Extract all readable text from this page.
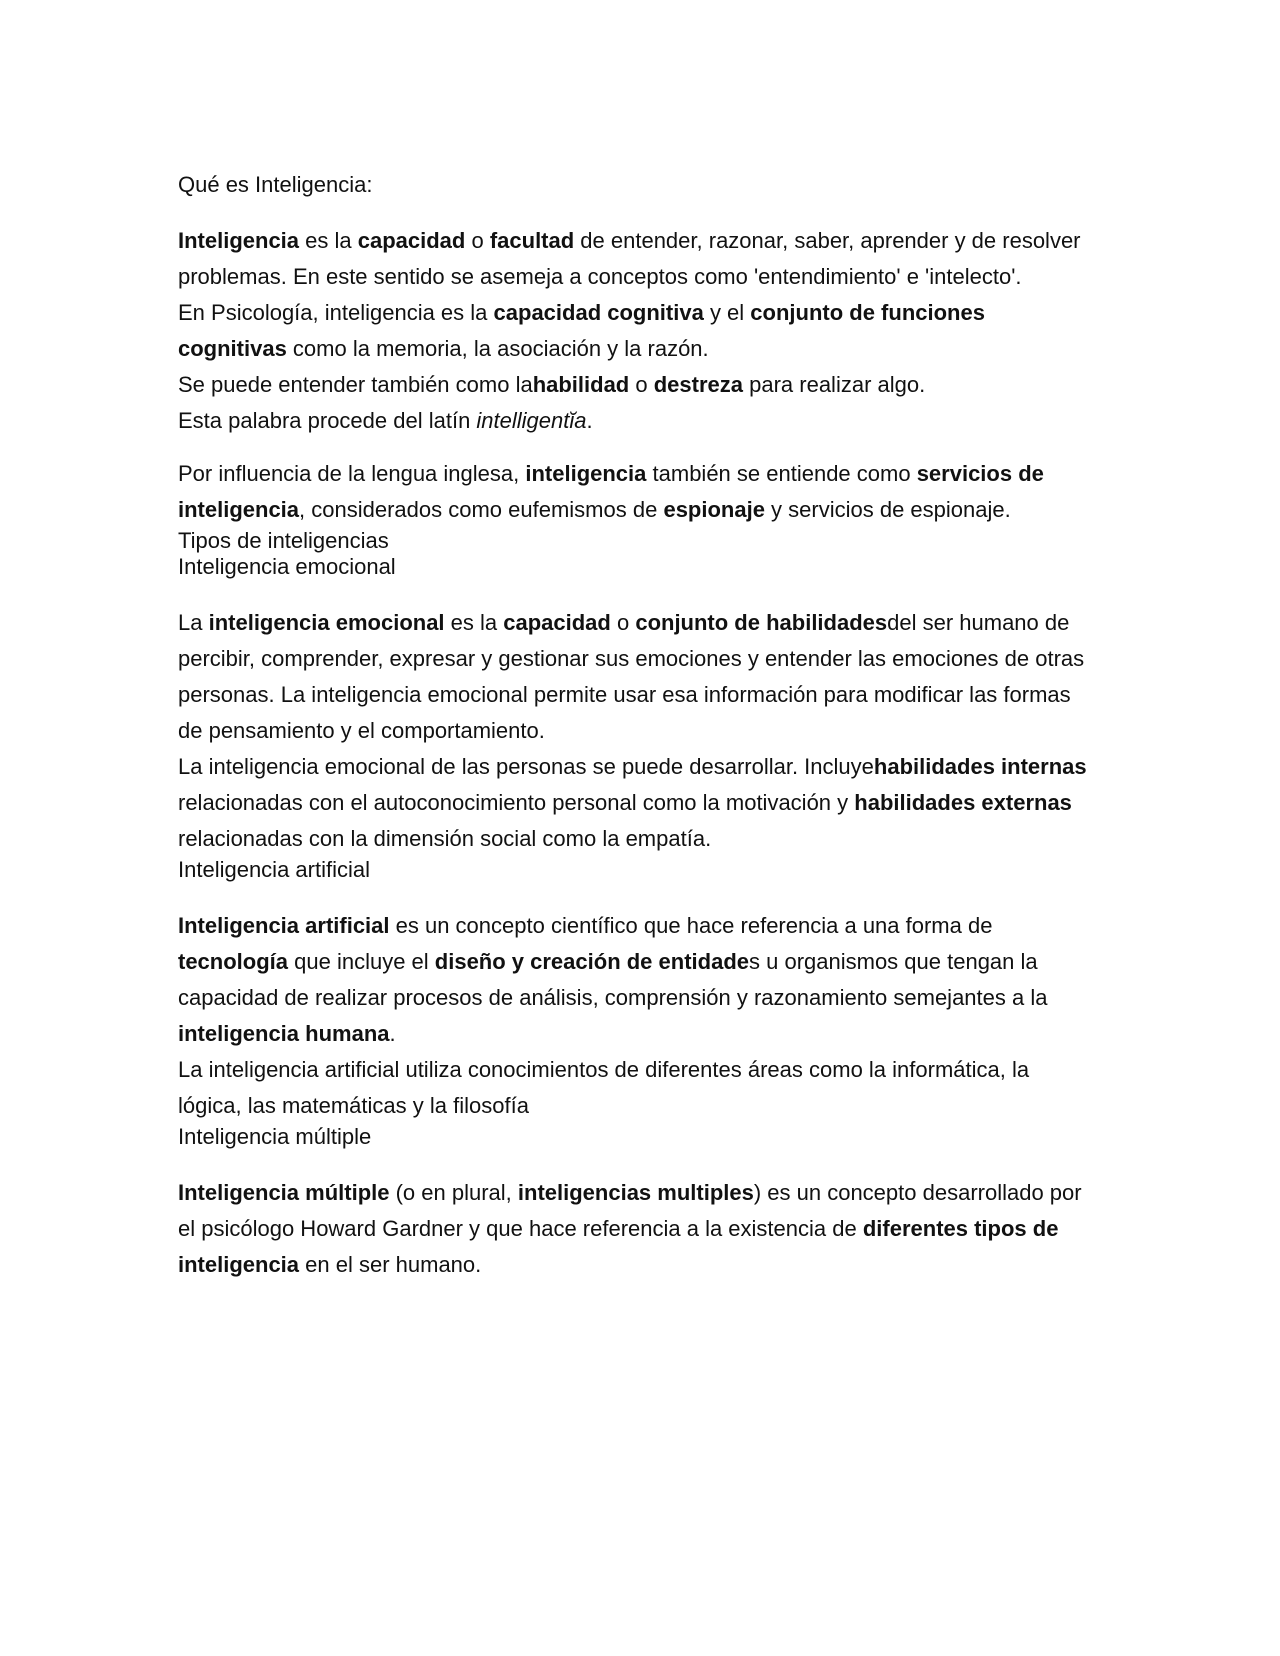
Qué es Inteligencia:

Inteligencia es la capacidad o facultad de entender, razonar, saber, aprender y de resolver problemas. En este sentido se asemeja a conceptos como 'entendimiento' e 'intelecto'.

En Psicología, inteligencia es la capacidad cognitiva y el conjunto de funciones cognitivas como la memoria, la asociación y la razón.

Se puede entender también como lahabilidad o destreza para realizar algo.

Esta palabra procede del latín intelligentĭa.

Por influencia de la lengua inglesa, inteligencia también se entiende como servicios de inteligencia, considerados como eufemismos de espionaje y servicios de espionaje.

Tipos de inteligencias

Inteligencia emocional

La inteligencia emocional es la capacidad o conjunto de habilidadesdel ser humano de percibir, comprender, expresar y gestionar sus emociones y entender las emociones de otras personas. La inteligencia emocional permite usar esa información para modificar las formas de pensamiento y el comportamiento.

La inteligencia emocional de las personas se puede desarrollar. Incluyehabilidades internas relacionadas con el autoconocimiento personal como la motivación y habilidades externas relacionadas con la dimensión social como la empatía.

Inteligencia artificial

Inteligencia artificial es un concepto científico que hace referencia a una forma de tecnología que incluye el diseño y creación de entidades u organismos que tengan la capacidad de realizar procesos de análisis, comprensión y razonamiento semejantes a la inteligencia humana.

La inteligencia artificial utiliza conocimientos de diferentes áreas como la informática, la lógica, las matemáticas y la filosofía

Inteligencia múltiple

Inteligencia múltiple (o en plural, inteligencias multiples) es un concepto desarrollado por el psicólogo Howard Gardner y que hace referencia a la existencia de diferentes tipos de inteligencia en el ser humano.
